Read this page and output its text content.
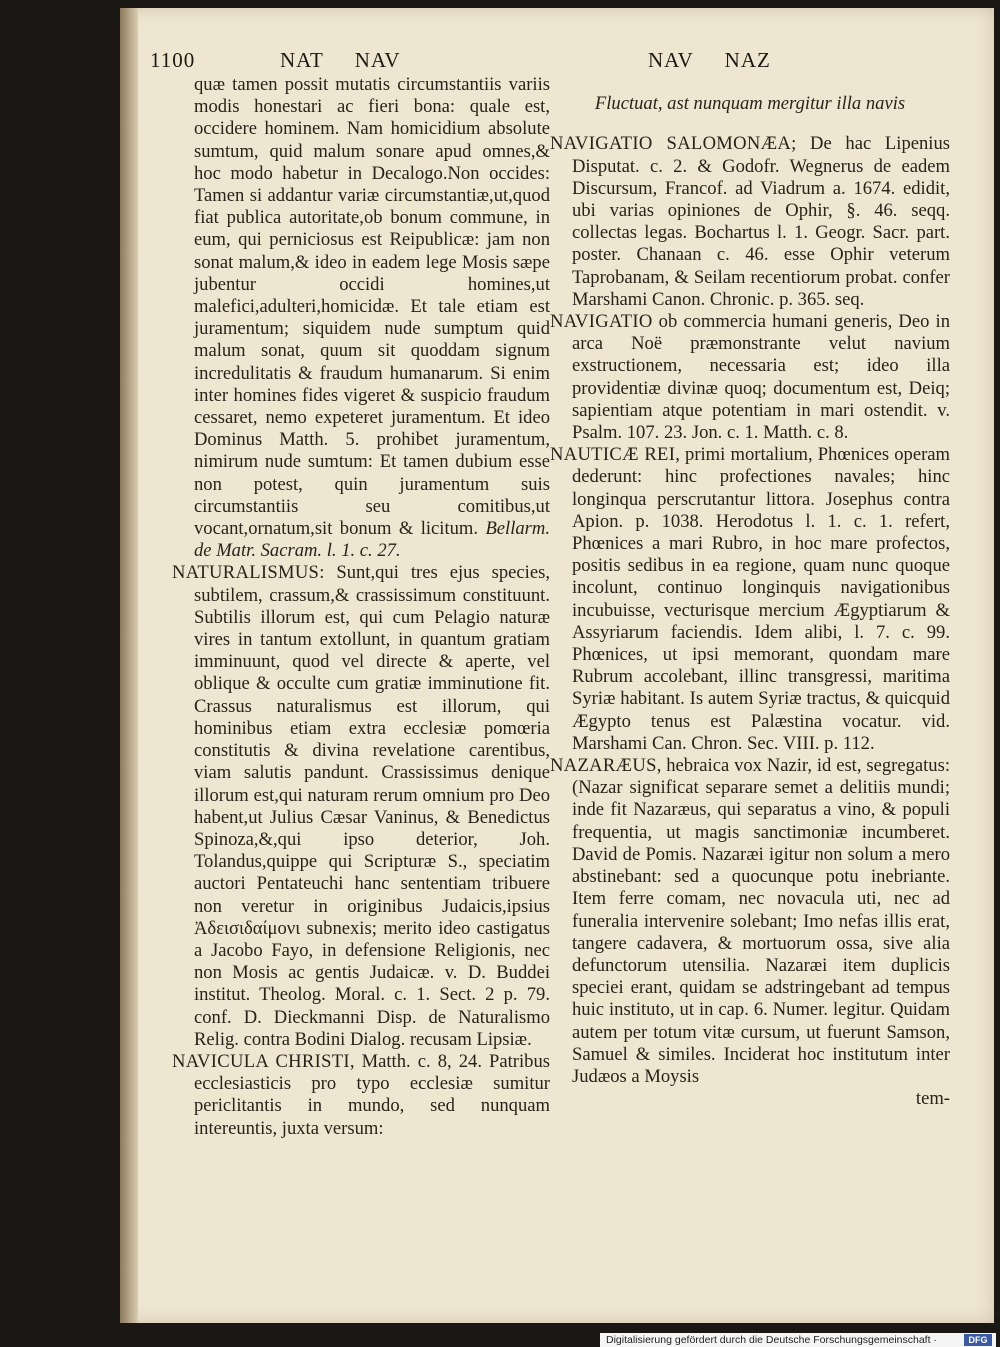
1100	NAT     NAV	NAV     NAZ

quæ tamen possit mutatis circumstantiis variis modis honestari ac fieri bona: quale est, occidere hominem. Nam homicidium absolute sumtum, quid malum sonare apud omnes,& hoc modo habetur in Decalogo.Non occides: Tamen si addantur variæ circumstantiæ,ut,quod fiat publica autoritate,ob bonum commune, in eum, qui perniciosus est Reipublicæ: jam non sonat malum,& ideo in eadem lege Mosis sæpe jubentur occidi homines,ut malefici,adulteri,homicidæ. Et tale etiam est juramentum; siquidem nude sumptum quid malum sonat, quum sit quoddam signum incredulitatis & fraudum humanarum. Si enim inter homines fides vigeret & suspicio fraudum cessaret, nemo expeteret juramentum. Et ideo Dominus Matth. 5. prohibet juramentum, nimirum nude sumtum: Et tamen dubium esse non potest, quin juramentum suis circumstantiis seu comitibus,ut vocant,ornatum,sit bonum & licitum. Bellarm. de Matr. Sacram. l. 1. c. 27.

NATURALISMUS: Sunt,qui tres ejus species, subtilem, crassum,& crassissimum constituunt. Subtilis illorum est, qui cum Pelagio naturæ vires in tantum extollunt, in quantum gratiam imminuunt, quod vel directe & aperte, vel oblique & occulte cum gratiæ imminutione fit. Crassus naturalismus est illorum, qui hominibus etiam extra ecclesiæ pomœria constitutis & divina revelatione carentibus, viam salutis pandunt. Crassissimus denique illorum est,qui naturam rerum omnium pro Deo habent,ut Julius Cæsar Vaninus, & Benedictus Spinoza,&,qui ipso deterior, Joh. Tolandus,quippe qui Scripturæ S., speciatim auctori Pentateuchi hanc sententiam tribuere non veretur in originibus Judaicis,ipsius Ἀδεισιδαίμονι subnexis; merito ideo castigatus a Jacobo Fayo, in defensione Religionis, nec non Mosis ac gentis Judaicæ. v. D. Buddei institut. Theolog. Moral. c. 1. Sect. 2 p. 79. conf. D. Dieckmanni Disp. de Naturalismo Relig. contra Bodini Dialog. recusam Lipsiæ.

NAVICULA CHRISTI, Matth. c. 8, 24. Patribus ecclesiasticis pro typo ecclesiæ sumitur periclitantis in mundo, sed nunquam intereuntis, juxta versum:

Fluctuat, ast nunquam mergitur illa navis

NAVIGATIO SALOMONÆA; De hac Lipenius Disputat. c. 2. & Godofr. Wegnerus de eadem Discursum, Francof. ad Viadrum a. 1674. edidit, ubi varias opiniones de Ophir, §. 46. seqq. collectas legas. Bochartus l. 1. Geogr. Sacr. part. poster. Chanaan c. 46. esse Ophir veterum Taprobanam, & Seilam recentiorum probat. confer Marshami Canon. Chronic. p. 365. seq.

NAVIGATIO ob commercia humani generis, Deo in arca Noë præmonstrante velut navium exstructionem, necessaria est; ideo illa providentiæ divinæ quoq; documentum est, Deiq; sapientiam atque potentiam in mari ostendit. v. Psalm. 107. 23. Jon. c. 1. Matth. c. 8.

NAUTICÆ REI, primi mortalium, Phœnices operam dederunt: hinc profectiones navales; hinc longinqua perscrutantur littora. Josephus contra Apion. p. 1038. Herodotus l. 1. c. 1. refert, Phœnices a mari Rubro, in hoc mare profectos, positis sedibus in ea regione, quam nunc quoque incolunt, continuo longinquis navigationibus incubuisse, vecturisque mercium Ægyptiarum & Assyriarum faciendis. Idem alibi, l. 7. c. 99. Phœnices, ut ipsi memorant, quondam mare Rubrum accolebant, illinc transgressi, maritima Syriæ habitant. Is autem Syriæ tractus, & quicquid Ægypto tenus est Palæstina vocatur. vid. Marshami Can. Chron. Sec. VIII. p. 112.

NAZARÆUS, hebraica vox Nazir, id est, segregatus: (Nazar significat separare semet a delitiis mundi; inde fit Nazaræus, qui separatus a vino, & populi frequentia, ut magis sanctimoniæ incumberet. David de Pomis. Nazaræi igitur non solum a mero abstinebant: sed a quocunque potu inebriante. Item ferre comam, nec novacula uti, nec ad funeralia intervenire solebant; Imo nefas illis erat, tangere cadavera, & mortuorum ossa, sive alia defunctorum utensilia. Nazaræi item duplicis speciei erant, quidam se adstringebant ad tempus huic instituto, ut in cap. 6. Numer. legitur. Quidam autem per totum vitæ cursum, ut fuerunt Samson, Samuel & similes. Inciderat hoc institutum inter Judæos a Moysis

tem-

Digitalisierung gefördert durch die Deutsche Forschungsgemeinschaft ·	DFG
